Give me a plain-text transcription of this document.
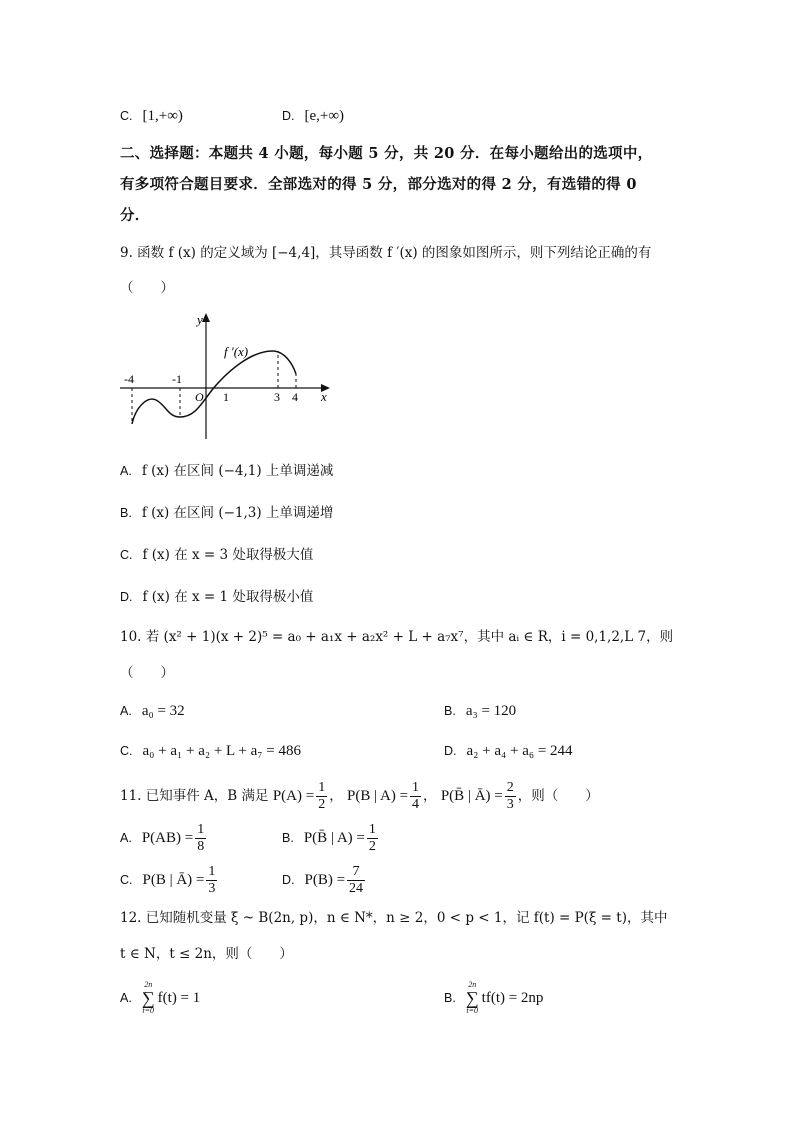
C. [1,+∞)	D. [e,+∞)
二、选择题：本题共 4 小题，每小题 5 分，共 20 分．在每小题给出的选项中，
有多项符合题目要求．全部选对的得 5 分，部分选对的得 2 分，有选错的得 0
分．
9. 函数 f (x) 的定义域为 [−4,4]，其导函数 f ′(x) 的图象如图所示，则下列结论正确的有
（　　）
y
x
O
f ′(x)
-4	-1
1	3 4
A. f (x) 在区间 (−4,1) 上单调递减
B. f (x) 在区间 (−1,3) 上单调递增
C. f (x) 在 x = 3 处取得极大值
D. f (x) 在 x = 1 处取得极小值
10. 若 (x² + 1)(x + 2)⁵ = a₀ + a₁x + a₂x² + L + a₇x⁷，其中 aᵢ ∈ R，i = 0,1,2,L 7，则
（　　）
A. a₀ = 32	B. a₃ = 120
C. a₀ + a₁ + a₂ + L + a₇ = 486	D. a₂ + a₄ + a₆ = 244
11. 已知事件 A，B 满足 $P(A) = \frac{1}{2}$ ， P(B | $A) = \frac{1}{4}$ ， P(B̄ | Ā) = $\frac{2}{3}$ ，则（　　）
A. $P(AB) = \frac{1}{8}$	B. P(B̄ | $A) = \frac{1}{2}$
C. P(B | Ā) = $\frac{1}{3}$	D. $P(B) = \frac{7}{24}$
12. 已知随机变量 ξ ~ B(2n, p)，n ∈ N*，n ≥ 2，0 < p < 1，记 f(t) = P(ξ = t)，其中
t ∈ N，t ≤ 2n，则（　　）
A.
2n
∑
t=0
f(t) = 1	B.
2n
∑
t=0
tf(t) = 2np
